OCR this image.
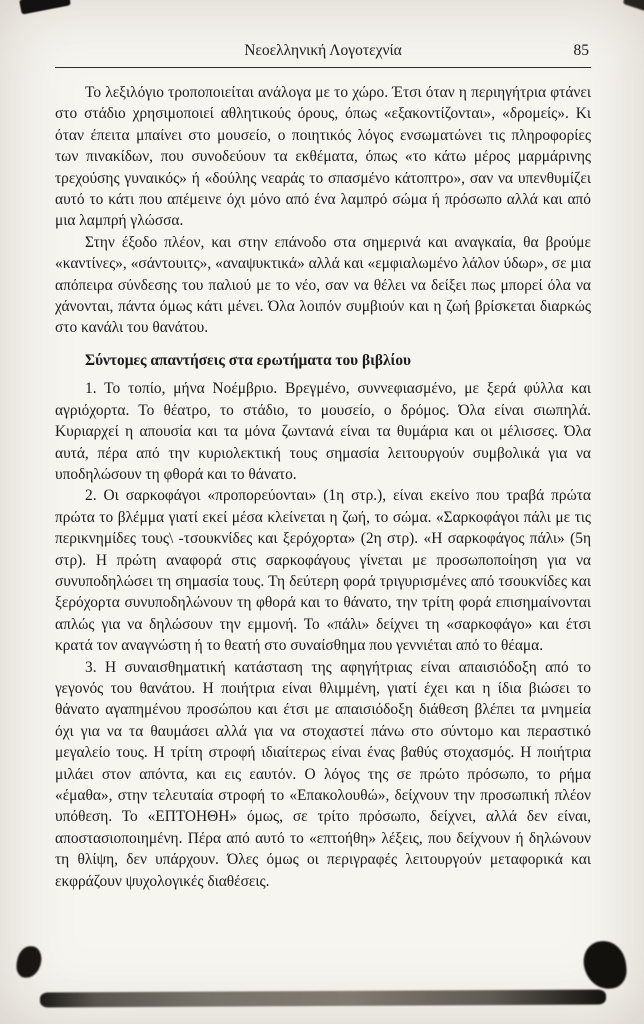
Νεοελληνική Λογοτεχνία	85

Το λεξιλόγιο τροποποιείται ανάλογα με το χώρο. Έτσι όταν η περιηγήτρια φτάνει στο στάδιο χρησιμοποιεί αθλητικούς όρους, όπως «εξακοντίζονται», «δρομείς». Κι όταν έπειτα μπαίνει στο μουσείο, ο ποιητικός λόγος ενσωματώνει τις πληροφορίες των πινακίδων, που συνοδεύουν τα εκθέματα, όπως «το κάτω μέρος μαρμάρινης τρεχούσης γυναικός» ή «δούλης νεαράς το σπασμένο κάτοπτρο», σαν να υπενθυμίζει αυτό το κάτι που απέμεινε όχι μόνο από ένα λαμπρό σώμα ή πρόσωπο αλλά και από μια λαμπρή γλώσσα.

Στην έξοδο πλέον, και στην επάνοδο στα σημερινά και αναγκαία, θα βρούμε «καντίνες», «σάντουιτς», «αναψυκτικά» αλλά και «εμφιαλωμένο λάλον ύδωρ», σε μια απόπειρα σύνδεσης του παλιού με το νέο, σαν να θέλει να δείξει πως μπορεί όλα να χάνονται, πάντα όμως κάτι μένει. Όλα λοιπόν συμβιούν και η ζωή βρίσκεται διαρκώς στο κανάλι του θανάτου.

Σύντομες απαντήσεις στα ερωτήματα του βιβλίου

1. Το τοπίο, μήνα Νοέμβριο. Βρεγμένο, συννεφιασμένο, με ξερά φύλλα και αγριόχορτα. Το θέατρο, το στάδιο, το μουσείο, ο δρόμος. Όλα είναι σιωπηλά. Κυριαρχεί η απουσία και τα μόνα ζωντανά είναι τα θυμάρια και οι μέλισσες. Όλα αυτά, πέρα από την κυριολεκτική τους σημασία λειτουργούν συμβολικά για να υποδηλώσουν τη φθορά και το θάνατο.

2. Οι σαρκοφάγοι «προπορεύονται» (1η στρ.), είναι εκείνο που τραβά πρώτα πρώτα το βλέμμα γιατί εκεί μέσα κλείνεται η ζωή, το σώμα. «Σαρκοφάγοι πάλι με τις περικνημίδες τους\ -τσουκνίδες και ξερόχορτα» (2η στρ). «Η σαρκοφάγος πάλι» (5η στρ). Η πρώτη αναφορά στις σαρκοφάγους γίνεται με προσωποποίηση για να συνυποδηλώσει τη σημασία τους. Τη δεύτερη φορά τριγυρισμένες από τσουκνίδες και ξερόχορτα συνυποδηλώνουν τη φθορά και το θάνατο, την τρίτη φορά επισημαίνονται απλώς για να δηλώσουν την εμμονή. Το «πάλι» δείχνει τη «σαρκοφάγο» και έτσι κρατά τον αναγνώστη ή το θεατή στο συναίσθημα που γεννιέται από το θέαμα.

3. Η συναισθηματική κατάσταση της αφηγήτριας είναι απαισιόδοξη από το γεγονός του θανάτου. Η ποιήτρια είναι θλιμμένη, γιατί έχει και η ίδια βιώσει το θάνατο αγαπημένου προσώπου και έτσι με απαισιόδοξη διάθεση βλέπει τα μνημεία όχι για να τα θαυμάσει αλλά για να στοχαστεί πάνω στο σύντομο και περαστικό μεγαλείο τους. Η τρίτη στροφή ιδιαίτερως είναι ένας βαθύς στοχασμός. Η ποιήτρια μιλάει στον απόντα, και εις εαυτόν. Ο λόγος της σε πρώτο πρόσωπο, το ρήμα «έμαθα», στην τελευταία στροφή το «Επακολουθώ», δείχνουν την προσωπική πλέον υπόθεση. Το «ΕΠΤΟΗΘΗ» όμως, σε τρίτο πρόσωπο, δείχνει, αλλά δεν είναι, αποστασιοποιημένη. Πέρα από αυτό το «επτοήθη» λέξεις, που δείχνουν ή δηλώνουν τη θλίψη, δεν υπάρχουν. Όλες όμως οι περιγραφές λειτουργούν μεταφορικά και εκφράζουν ψυχολογικές διαθέσεις.
